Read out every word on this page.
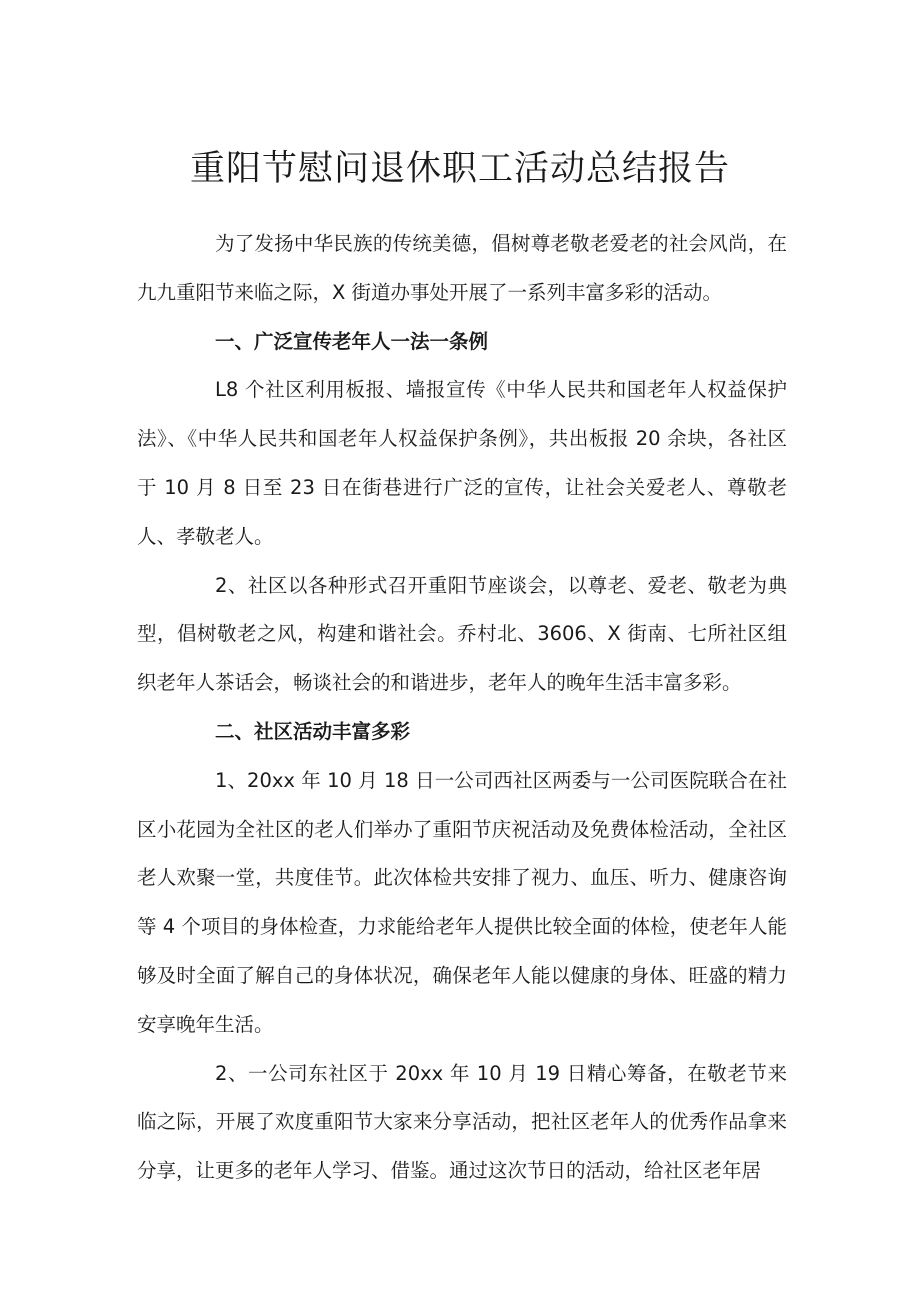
重阳节慰问退休职工活动总结报告

为了发扬中华民族的传统美德，倡树尊老敬老爱老的社会风尚，在九九重阳节来临之际，X 街道办事处开展了一系列丰富多彩的活动。

一、广泛宣传老年人一法一条例

L8 个社区利用板报、墙报宣传《中华人民共和国老年人权益保护法》、《中华人民共和国老年人权益保护条例》，共出板报 20 余块，各社区于 10 月 8 日至 23 日在街巷进行广泛的宣传，让社会关爱老人、尊敬老人、孝敬老人。

2、社区以各种形式召开重阳节座谈会，以尊老、爱老、敬老为典型，倡树敬老之风，构建和谐社会。乔村北、3606、X 街南、七所社区组织老年人茶话会，畅谈社会的和谐进步，老年人的晚年生活丰富多彩。

二、社区活动丰富多彩

1、20xx 年 10 月 18 日一公司西社区两委与一公司医院联合在社区小花园为全社区的老人们举办了重阳节庆祝活动及免费体检活动，全社区老人欢聚一堂，共度佳节。此次体检共安排了视力、血压、听力、健康咨询等 4 个项目的身体检查，力求能给老年人提供比较全面的体检，使老年人能够及时全面了解自己的身体状况，确保老年人能以健康的身体、旺盛的精力安享晚年生活。

2、一公司东社区于 20xx 年 10 月 19 日精心筹备，在敬老节来临之际，开展了欢度重阳节大家来分享活动，把社区老年人的优秀作品拿来分享，让更多的老年人学习、借鉴。通过这次节日的活动，给社区老年居
